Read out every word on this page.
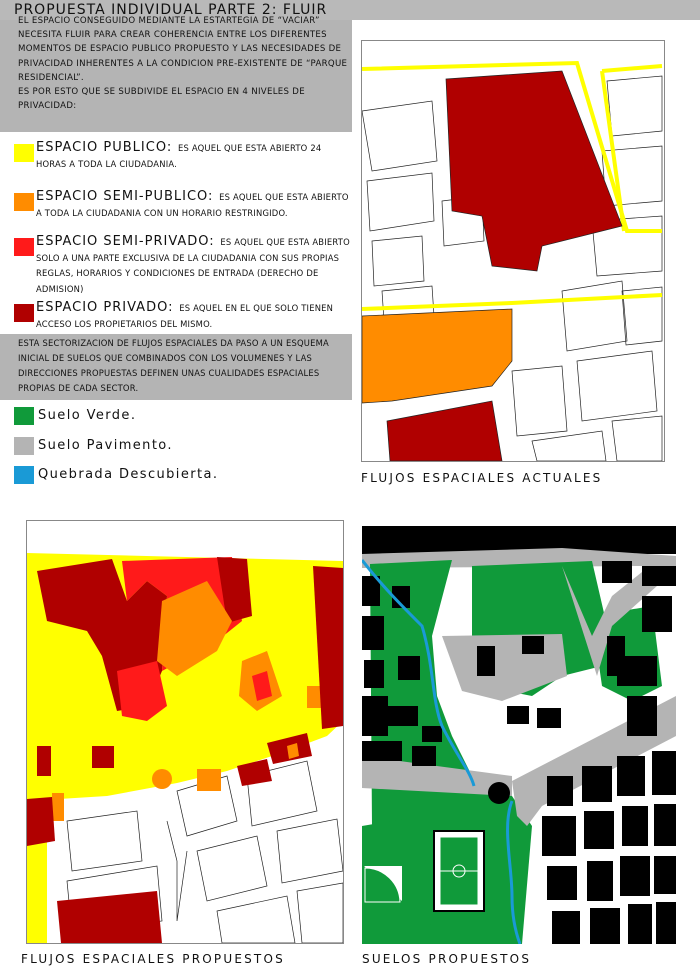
PROPUESTA INDIVIDUAL PARTE 2: FLUIR

EL ESPACIO CONSEGUIDO MEDIANTE LA ESTARTEGIA DE “VACIAR” NECESITA FLUIR PARA CREAR COHERENCIA ENTRE LOS DIFERENTES MOMENTOS DE ESPACIO PUBLICO PROPUESTO Y LAS NECESIDADES DE PRIVACIDAD INHERENTES A LA CONDICION PRE-EXISTENTE DE “PARQUE RESIDENCIAL”.

ES POR ESTO QUE SE SUBDIVIDE EL ESPACIO EN 4 NIVELES DE PRIVACIDAD:

ESPACIO PUBLICO: ES AQUEL QUE ESTA ABIERTO 24 HORAS A TODA LA CIUDADANIA.
ESPACIO SEMI-PUBLICO: ES AQUEL QUE ESTA ABIERTO A TODA LA CIUDADANIA CON UN HORARIO RESTRINGIDO.
ESPACIO SEMI-PRIVADO: ES AQUEL QUE ESTA ABIERTO SOLO A UNA PARTE EXCLUSIVA DE LA CIUDADANIA CON SUS PROPIAS REGLAS, HORARIOS Y CONDICIONES DE ENTRADA (DERECHO DE ADMISION)
ESPACIO PRIVADO: ES AQUEL EN EL QUE SOLO TIENEN ACCESO LOS PROPIETARIOS DEL MISMO.
ESTA SECTORIZACION DE FLUJOS ESPACIALES DA PASO A UN ESQUEMA INICIAL DE SUELOS QUE COMBINADOS CON LOS VOLUMENES Y LAS DIRECCIONES PROPUESTAS DEFINEN UNAS CUALIDADES ESPACIALES PROPIAS DE CADA SECTOR.
Suelo Verde.
Suelo Pavimento.
Quebrada Descubierta.	FLUJOS ESPACIALES ACTUALES
FLUJOS ESPACIALES PROPUESTOS	SUELOS PROPUESTOS
